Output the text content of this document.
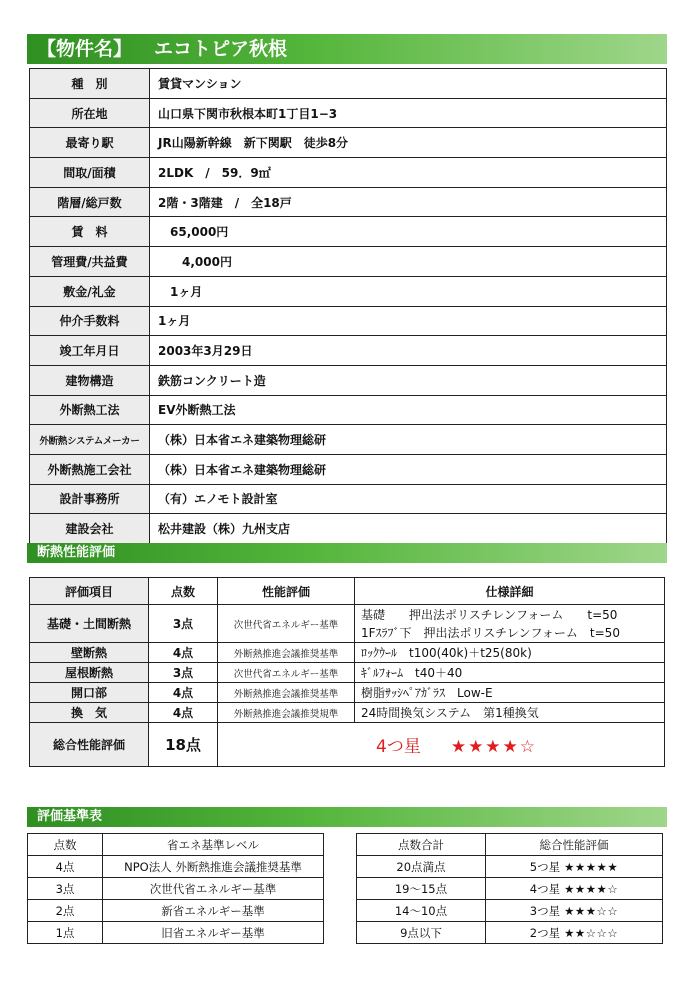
【物件名】 エコトピア秋根
種　別	賃貸マンション
所在地	山口県下関市秋根本町1丁目1−3
最寄り駅	JR山陽新幹線　新下関駅　徒歩8分
間取/面積	2LDK　/　59．9㎡
階層/総戸数	2階・3階建　/　全18戸
賃　料	　65,000円
管理費/共益費	　　4,000円
敷金/礼金	　1ヶ月
仲介手数料	1ヶ月
竣工年月日	2003年3月29日
建物構造	鉄筋コンクリート造
外断熱工法	EV外断熱工法
外断熱システムメーカー	（株）日本省エネ建築物理総研
外断熱施工会社	（株）日本省エネ建築物理総研
設計事務所	（有）エノモト設計室
建設会社	松井建設（株）九州支店
断熱性能評価
評価項目	点数	性能評価	仕様詳細
基礎・土間断熱	3点	次世代省エネルギー基準	基礎　　押出法ポリスチレンフォーム　　t=50
1Fｽﾗﾌﾞ下　押出法ポリスチレンフォーム　t=50

壁断熱	4点	外断熱推進会議推奨基準	ﾛｯｸｳｰﾙ　t100(40k)＋t25(80k)

屋根断熱	3点	次世代省エネルギー基準	ｷﾞﾙﾌｫｰﾑ　t40＋40

開口部	4点	外断熱推進会議推奨基準	樹脂ｻｯｼﾍﾟｱｶﾞﾗｽ　Low-E

換　気	4点	外断熱推進会議推奨規準	24時間換気システム　第1種換気

総合性能評価	18点	4つ星 ★★★★☆	
評価基準表
点数	省エネ基準レベル
4点	NPO法人 外断熱推進会議推奨基準
3点	次世代省エネルギー基準
2点	新省エネルギー基準
1点	旧省エネルギー基準
点数合計	総合性能評価
20点満点	5つ星 ★★★★★
19〜15点	4つ星 ★★★★☆
14〜10点	3つ星 ★★★☆☆
9点以下	2つ星 ★★☆☆☆
